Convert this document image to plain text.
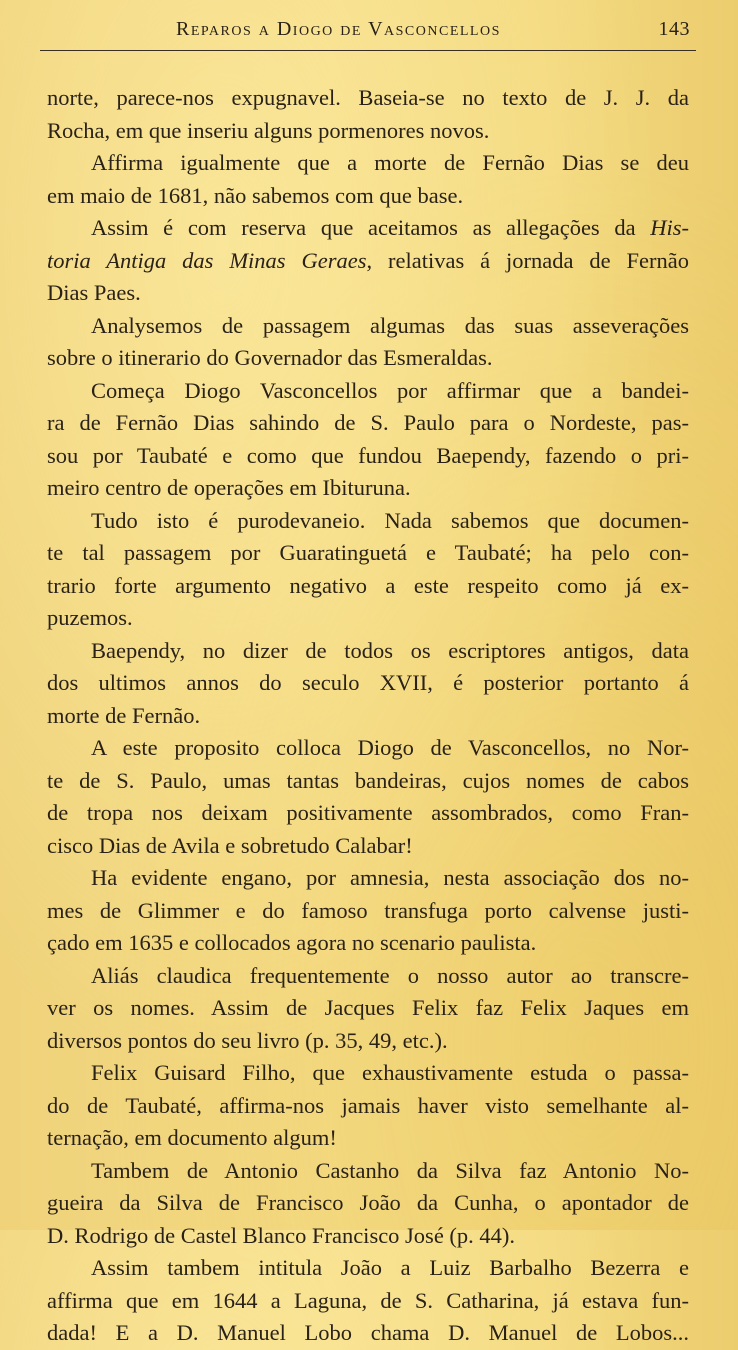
Reparos a Diogo de Vasconcellos	143
norte, parece-nos expugnavel. Baseia-se no texto de J. J. da
Rocha, em que inseriu alguns pormenores novos.
Affirma igualmente que a morte de Fernão Dias se deu
em maio de 1681, não sabemos com que base.
Assim é com reserva que aceitamos as allegações da His-
toria Antiga das Minas Geraes, relativas á jornada de Fernão
Dias Paes.
Analysemos de passagem algumas das suas asseverações
sobre o itinerario do Governador das Esmeraldas.
Começa Diogo Vasconcellos por affirmar que a bandei-
ra de Fernão Dias sahindo de S. Paulo para o Nordeste, pas-
sou por Taubaté e como que fundou Baependy, fazendo o pri-
meiro centro de operações em Ibituruna.
Tudo isto é purodevaneio. Nada sabemos que documen-
te tal passagem por Guaratinguetá e Taubaté; ha pelo con-
trario forte argumento negativo a este respeito como já ex-
puzemos.
Baependy, no dizer de todos os escriptores antigos, data
dos ultimos annos do seculo XVII, é posterior portanto á
morte de Fernão.
A este proposito colloca Diogo de Vasconcellos, no Nor-
te de S. Paulo, umas tantas bandeiras, cujos nomes de cabos
de tropa nos deixam positivamente assombrados, como Fran-
cisco Dias de Avila e sobretudo Calabar!
Ha evidente engano, por amnesia, nesta associação dos no-
mes de Glimmer e do famoso transfuga porto calvense justi-
çado em 1635 e collocados agora no scenario paulista.
Aliás claudica frequentemente o nosso autor ao transcre-
ver os nomes. Assim de Jacques Felix faz Felix Jaques em
diversos pontos do seu livro (p. 35, 49, etc.).
Felix Guisard Filho, que exhaustivamente estuda o passa-
do de Taubaté, affirma-nos jamais haver visto semelhante al-
ternação, em documento algum!
Tambem de Antonio Castanho da Silva faz Antonio No-
gueira da Silva de Francisco João da Cunha, o apontador de
D. Rodrigo de Castel Blanco Francisco José (p. 44).
Assim tambem intitula João a Luiz Barbalho Bezerra e
affirma que em 1644 a Laguna, de S. Catharina, já estava fun-
dada! E a D. Manuel Lobo chama D. Manuel de Lobos...
